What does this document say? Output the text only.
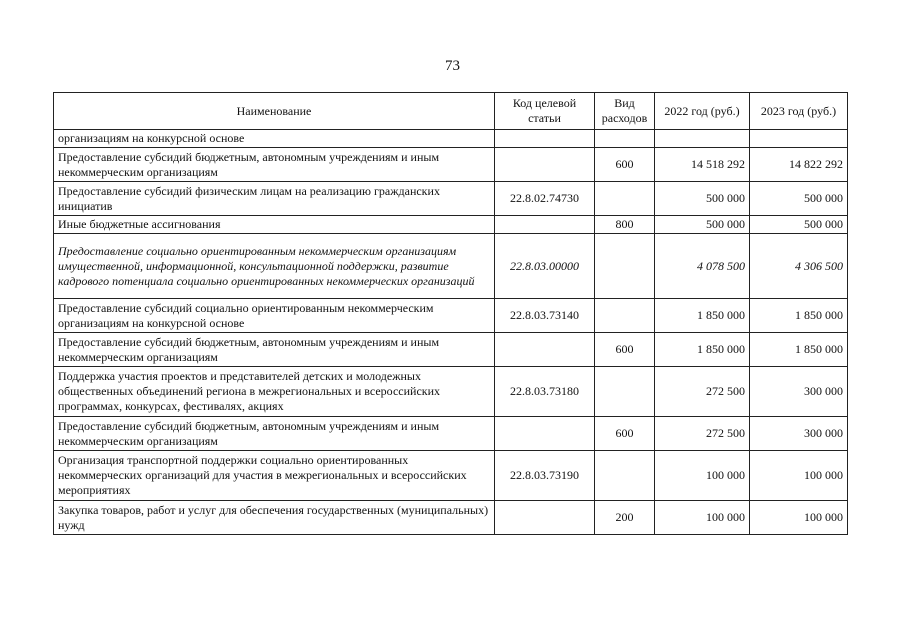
73
Наименование	Код целевой статьи	Вид расходов	2022 год (руб.)	2023 год (руб.)
организациям на конкурсной основе				
Предоставление субсидий бюджетным, автономным учреждениям и иным некоммерческим организациям		600	14 518 292	14 822 292
Предоставление субсидий физическим лицам на реализацию гражданских инициатив	22.8.02.74730		500 000	500 000
Иные бюджетные ассигнования		800	500 000	500 000
Предоставление социально ориентированным некоммерческим организациям имущественной, информационной, консультационной поддержки, развитие кадрового потенциала социально ориентированных некоммерческих организаций	22.8.03.00000		4 078 500	4 306 500
Предоставление субсидий социально ориентированным некоммерческим организациям на конкурсной основе	22.8.03.73140		1 850 000	1 850 000
Предоставление субсидий бюджетным, автономным учреждениям и иным некоммерческим организациям		600	1 850 000	1 850 000
Поддержка участия проектов и представителей детских и молодежных общественных объединений региона в межрегиональных и всероссийских программах, конкурсах, фестивалях, акциях	22.8.03.73180		272 500	300 000
Предоставление субсидий бюджетным, автономным учреждениям и иным некоммерческим организациям		600	272 500	300 000
Организация транспортной поддержки социально ориентированных некоммерческих организаций для участия в межрегиональных и всероссийских мероприятиях	22.8.03.73190		100 000	100 000
Закупка товаров, работ и услуг для обеспечения государственных (муниципальных) нужд		200	100 000	100 000
